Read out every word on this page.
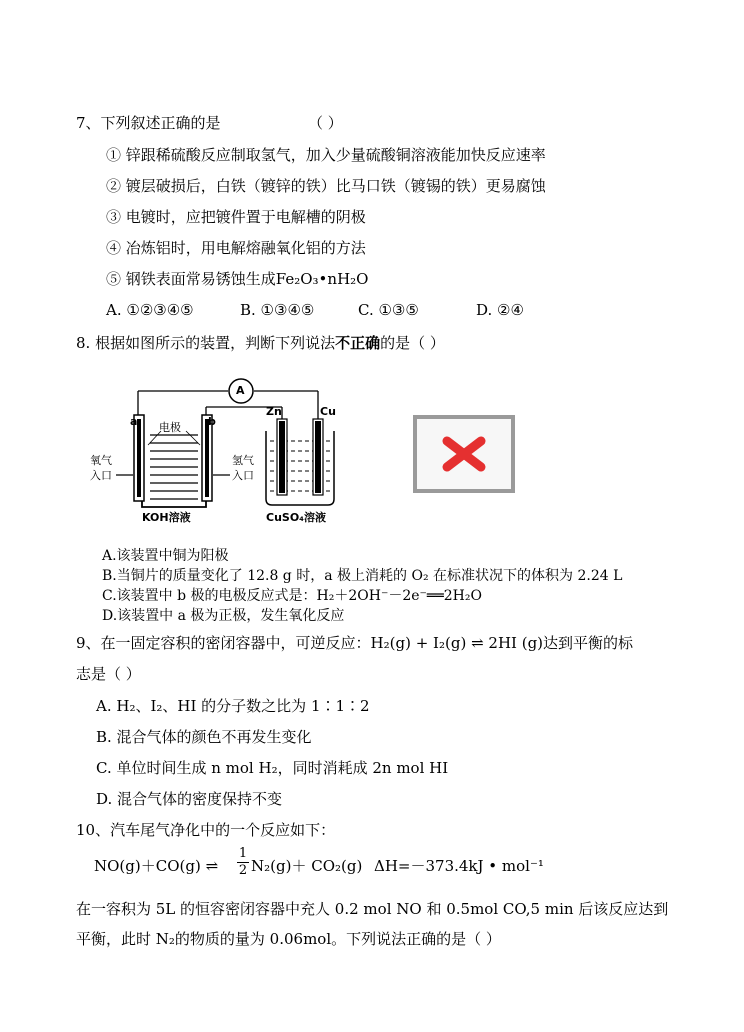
7、下列叙述正确的是	（ ）
① 锌跟稀硫酸反应制取氢气，加入少量硫酸铜溶液能加快反应速率
② 镀层破损后，白铁（镀锌的铁）比马口铁（镀锡的铁）更易腐蚀
③ 电镀时，应把镀件置于电解槽的阴极
④ 冶炼铝时，用电解熔融氧化铝的方法
⑤ 钢铁表面常易锈蚀生成Fe₂O₃•nH₂O
A. ①②③④⑤	B. ①③④⑤	C. ①③⑤	D. ②④
8. 根据如图所示的装置，判断下列说法不正确的是（ ）
A
a	b
电极
Zn	Cu
氧气
入口
氢气
入口
KOH溶液	CuSO₄溶液
A.该装置中铜为阳极
B.当铜片的质量变化了 12.8 g 时，a 极上消耗的 O₂ 在标准状况下的体积为 2.24 L
C.该装置中 b 极的电极反应式是：H₂＋2OH⁻－2e⁻══2H₂O
D.该装置中 a 极为正极，发生氧化反应
9、在一固定容积的密闭容器中，可逆反应：H₂(g) + I₂(g) ⇌ 2HI (g)达到平衡的标
志是（ ）
A. H₂、I₂、HI 的分子数之比为 1∶1∶2
B. 混合气体的颜色不再发生变化
C. 单位时间生成 n mol H₂，同时消耗成 2n mol HI
D. 混合气体的密度保持不变
10、汽车尾气净化中的一个反应如下：
NO(g)＋CO(g) ⇌ $\frac{1}{2} N_2(g)+ CO_2(g)$ ΔH=－373.4kJ • mol⁻¹
在一容积为 5L 的恒容密闭容器中充人 0.2 mol NO 和 0.5mol CO,5 min 后该反应达到
平衡，此时 N₂的物质的量为 0.06mol。下列说法正确的是（ ）
